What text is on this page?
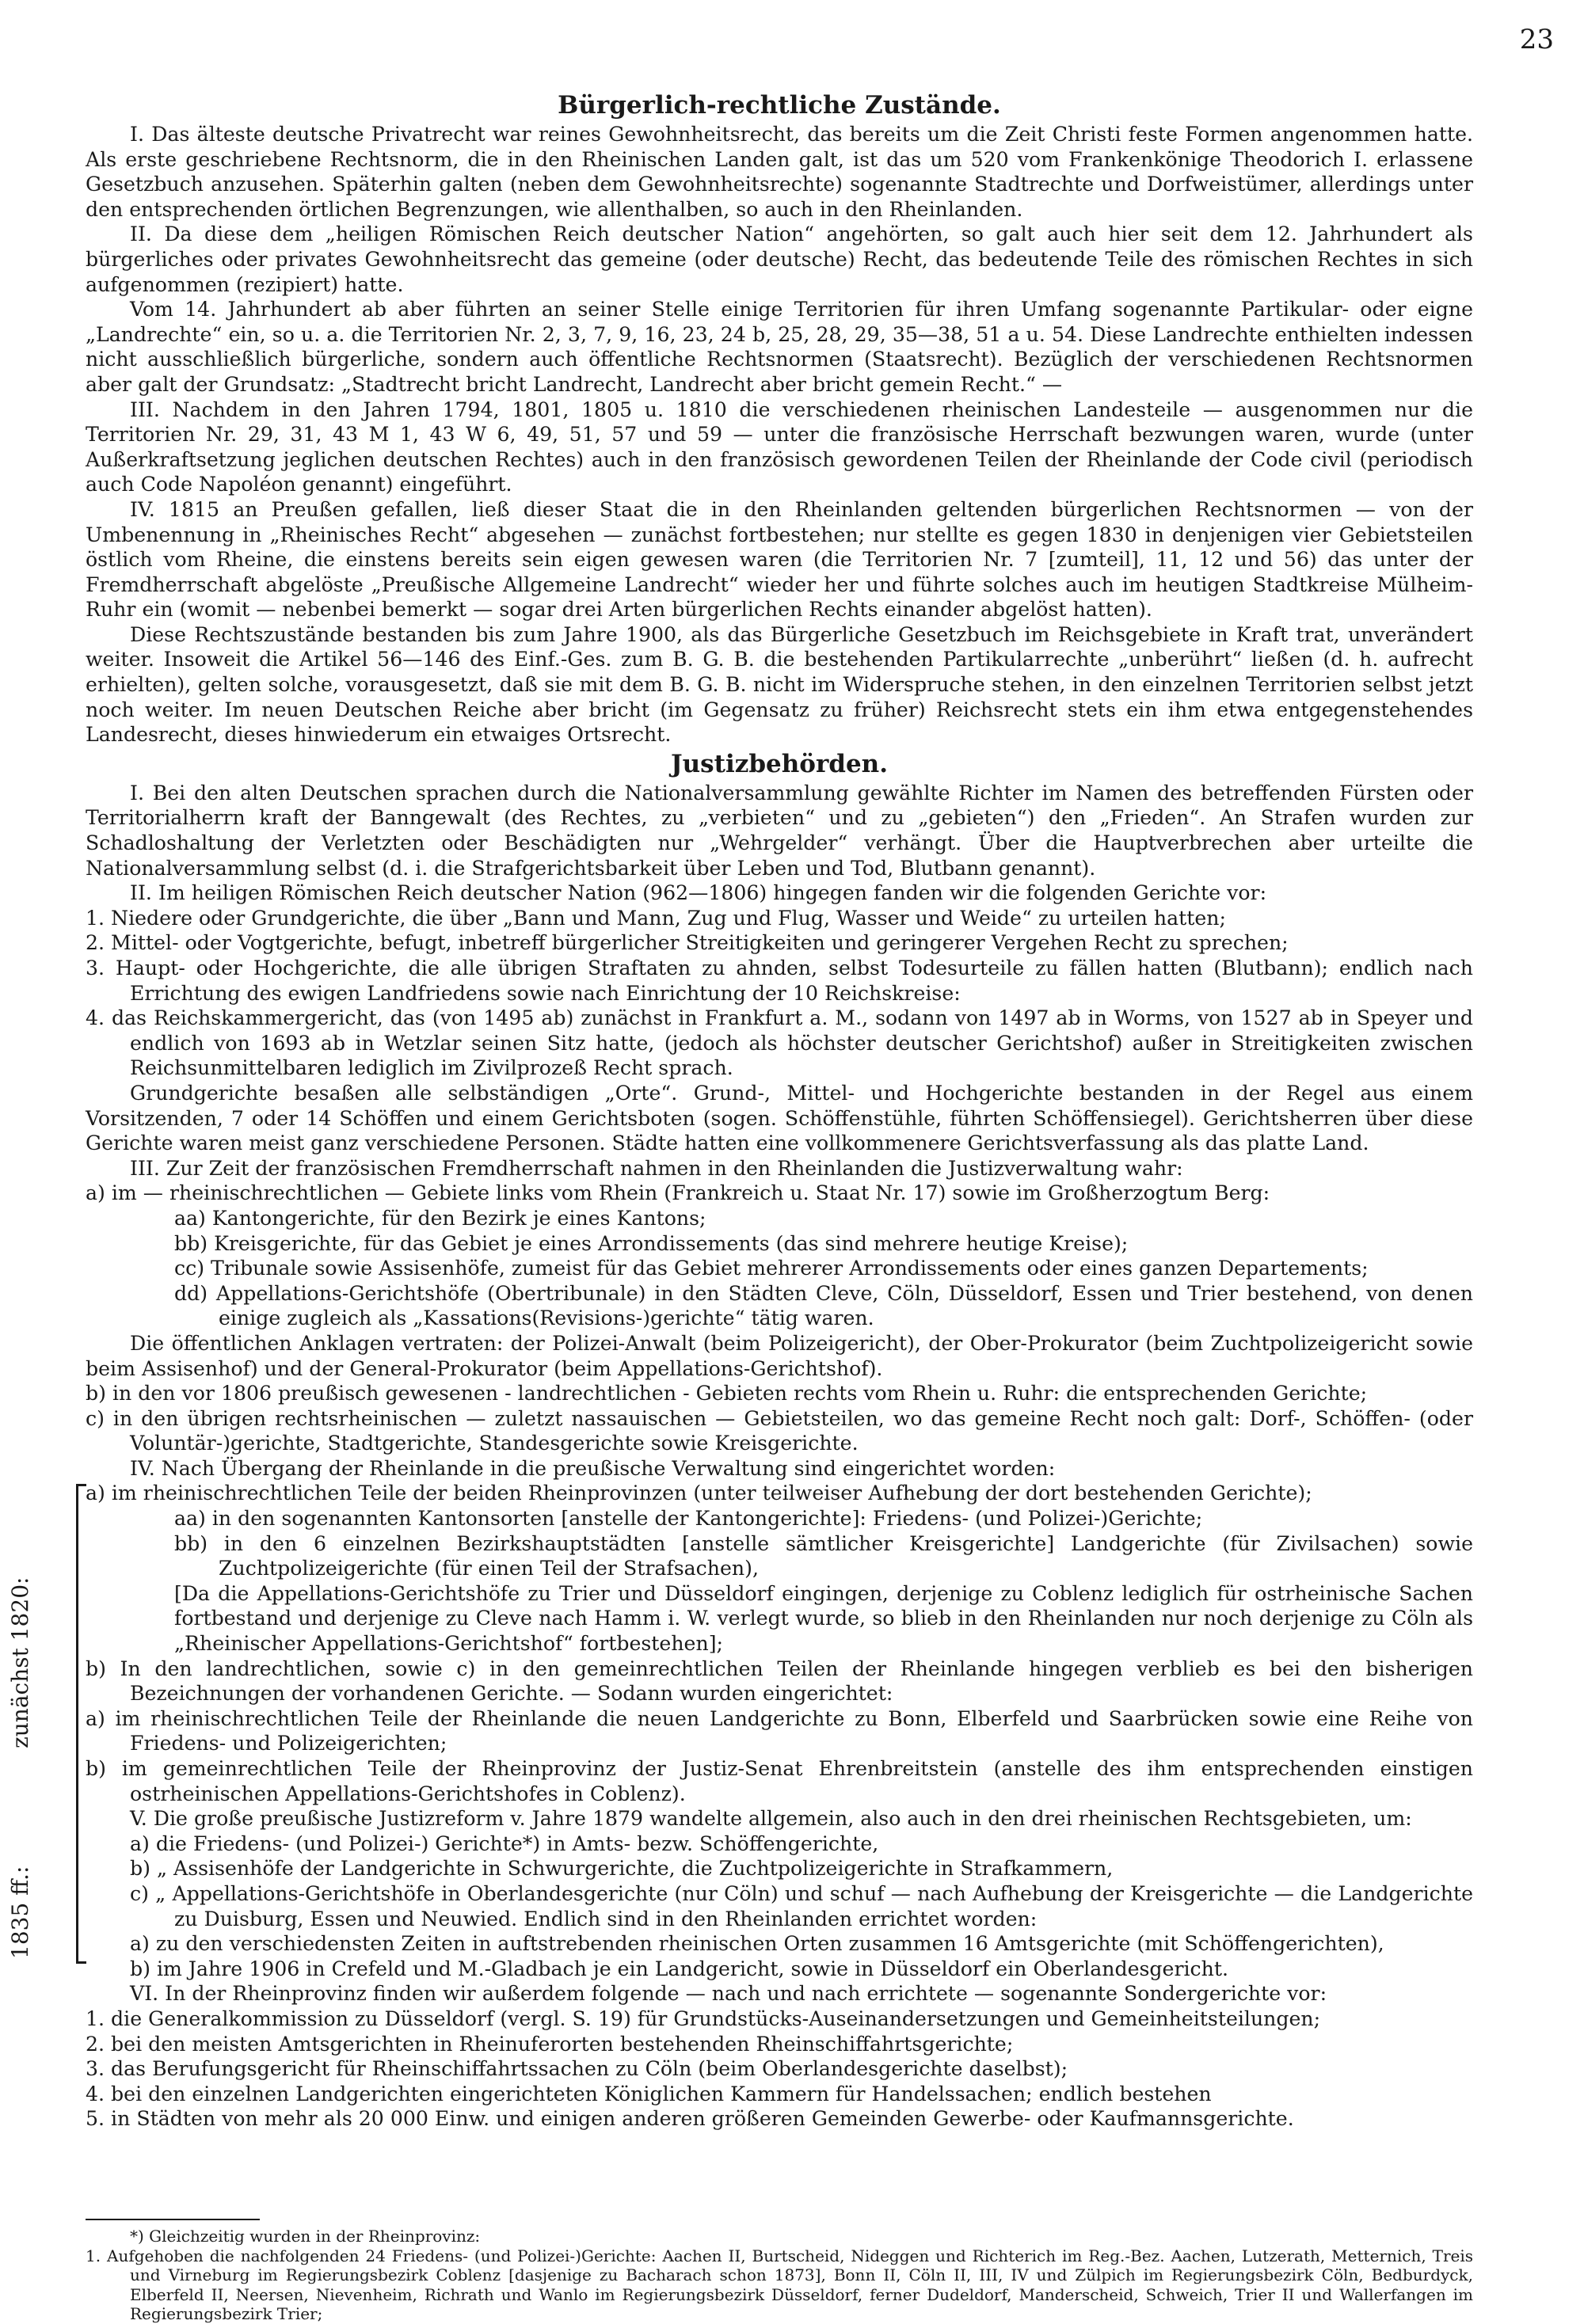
23
Bürgerlich-rechtliche Zustände.

I. Das älteste deutsche Privatrecht war reines Gewohnheitsrecht, das bereits um die Zeit Christi feste Formen angenommen hatte. Als erste geschriebene Rechtsnorm, die in den Rheinischen Landen galt, ist das um 520 vom Frankenkönige Theodorich I. erlassene Gesetzbuch anzusehen. Späterhin galten (neben dem Gewohnheitsrechte) sogenannte Stadtrechte und Dorfweistümer, allerdings unter den entsprechenden örtlichen Begrenzungen, wie allenthalben, so auch in den Rheinlanden.

II. Da diese dem „heiligen Römischen Reich deutscher Nation“ angehörten, so galt auch hier seit dem 12. Jahrhundert als bürgerliches oder privates Gewohnheitsrecht das gemeine (oder deutsche) Recht, das bedeutende Teile des römischen Rechtes in sich aufgenommen (rezipiert) hatte.

Vom 14. Jahrhundert ab aber führten an seiner Stelle einige Territorien für ihren Umfang sogenannte Partikular- oder eigne „Landrechte“ ein, so u. a. die Territorien Nr. 2, 3, 7, 9, 16, 23, 24 b, 25, 28, 29, 35—38, 51 a u. 54. Diese Landrechte enthielten indessen nicht ausschließlich bürgerliche, sondern auch öffentliche Rechtsnormen (Staatsrecht). Bezüglich der verschiedenen Rechtsnormen aber galt der Grundsatz: „Stadtrecht bricht Landrecht, Landrecht aber bricht gemein Recht.“ —

III. Nachdem in den Jahren 1794, 1801, 1805 u. 1810 die verschiedenen rheinischen Landesteile — ausgenommen nur die Territorien Nr. 29, 31, 43 M 1, 43 W 6, 49, 51, 57 und 59 — unter die französische Herrschaft bezwungen waren, wurde (unter Außerkraftsetzung jeglichen deutschen Rechtes) auch in den französisch gewordenen Teilen der Rheinlande der Code civil (periodisch auch Code Napoléon genannt) eingeführt.

IV. 1815 an Preußen gefallen, ließ dieser Staat die in den Rheinlanden geltenden bürgerlichen Rechtsnormen — von der Umbenennung in „Rheinisches Recht“ abgesehen — zunächst fortbestehen; nur stellte es gegen 1830 in denjenigen vier Gebietsteilen östlich vom Rheine, die einstens bereits sein eigen gewesen waren (die Territorien Nr. 7 [zumteil], 11, 12 und 56) das unter der Fremdherrschaft abgelöste „Preußische Allgemeine Landrecht“ wieder her und führte solches auch im heutigen Stadtkreise Mülheim-Ruhr ein (womit — nebenbei bemerkt — sogar drei Arten bürgerlichen Rechts einander abgelöst hatten).

Diese Rechtszustände bestanden bis zum Jahre 1900, als das Bürgerliche Gesetzbuch im Reichsgebiete in Kraft trat, unverändert weiter. Insoweit die Artikel 56—146 des Einf.-Ges. zum B. G. B. die bestehenden Partikularrechte „unberührt“ ließen (d. h. aufrecht erhielten), gelten solche, vorausgesetzt, daß sie mit dem B. G. B. nicht im Widerspruche stehen, in den einzelnen Territorien selbst jetzt noch weiter. Im neuen Deutschen Reiche aber bricht (im Gegensatz zu früher) Reichsrecht stets ein ihm etwa entgegenstehendes Landesrecht, dieses hinwiederum ein etwaiges Ortsrecht.

Justizbehörden.

I. Bei den alten Deutschen sprachen durch die Nationalversammlung gewählte Richter im Namen des betreffenden Fürsten oder Territorialherrn kraft der Banngewalt (des Rechtes, zu „verbieten“ und zu „gebieten“) den „Frieden“. An Strafen wurden zur Schadloshaltung der Verletzten oder Beschädigten nur „Wehrgelder“ verhängt. Über die Hauptverbrechen aber urteilte die Nationalversammlung selbst (d. i. die Strafgerichtsbarkeit über Leben und Tod, Blutbann genannt).

II. Im heiligen Römischen Reich deutscher Nation (962—1806) hingegen fanden wir die folgenden Gerichte vor:

1. Niedere oder Grundgerichte, die über „Bann und Mann, Zug und Flug, Wasser und Weide“ zu urteilen hatten;

2. Mittel- oder Vogtgerichte, befugt, inbetreff bürgerlicher Streitigkeiten und geringerer Vergehen Recht zu sprechen;

3. Haupt- oder Hochgerichte, die alle übrigen Straftaten zu ahnden, selbst Todesurteile zu fällen hatten (Blutbann); endlich nach Errichtung des ewigen Landfriedens sowie nach Einrichtung der 10 Reichskreise:

4. das Reichskammergericht, das (von 1495 ab) zunächst in Frankfurt a. M., sodann von 1497 ab in Worms, von 1527 ab in Speyer und endlich von 1693 ab in Wetzlar seinen Sitz hatte, (jedoch als höchster deutscher Gerichtshof) außer in Streitigkeiten zwischen Reichsunmittelbaren lediglich im Zivilprozeß Recht sprach.

Grundgerichte besaßen alle selbständigen „Orte“. Grund-, Mittel- und Hochgerichte bestanden in der Regel aus einem Vorsitzenden, 7 oder 14 Schöffen und einem Gerichtsboten (sogen. Schöffenstühle, führten Schöffensiegel). Gerichtsherren über diese Gerichte waren meist ganz verschiedene Personen. Städte hatten eine vollkommenere Gerichtsverfassung als das platte Land.

III. Zur Zeit der französischen Fremdherrschaft nahmen in den Rheinlanden die Justizverwaltung wahr:

a) im — rheinischrechtlichen — Gebiete links vom Rhein (Frankreich u. Staat Nr. 17) sowie im Großherzogtum Berg:

aa) Kantongerichte, für den Bezirk je eines Kantons;

bb) Kreisgerichte, für das Gebiet je eines Arrondissements (das sind mehrere heutige Kreise);

cc) Tribunale sowie Assisenhöfe, zumeist für das Gebiet mehrerer Arrondissements oder eines ganzen Departements;

dd) Appellations-Gerichtshöfe (Obertribunale) in den Städten Cleve, Cöln, Düsseldorf, Essen und Trier bestehend, von denen einige zugleich als „Kassations(Revisions-)gerichte“ tätig waren.

Die öffentlichen Anklagen vertraten: der Polizei-Anwalt (beim Polizeigericht), der Ober-Prokurator (beim Zuchtpolizeigericht sowie beim Assisenhof) und der General-Prokurator (beim Appellations-Gerichtshof).

b) in den vor 1806 preußisch gewesenen - landrechtlichen - Gebieten rechts vom Rhein u. Ruhr: die entsprechenden Gerichte;

c) in den übrigen rechtsrheinischen — zuletzt nassauischen — Gebietsteilen, wo das gemeine Recht noch galt: Dorf-, Schöffen- (oder Voluntär-)gerichte, Stadtgerichte, Standesgerichte sowie Kreisgerichte.

IV. Nach Übergang der Rheinlande in die preußische Verwaltung sind eingerichtet worden:

zunächst 1820:
1835 ff.:

a) im rheinischrechtlichen Teile der beiden Rheinprovinzen (unter teilweiser Aufhebung der dort bestehenden Gerichte);

aa) in den sogenannten Kantonsorten [anstelle der Kantongerichte]: Friedens- (und Polizei-)Gerichte;

bb) in den 6 einzelnen Bezirkshauptstädten [anstelle sämtlicher Kreisgerichte] Landgerichte (für Zivilsachen) sowie Zuchtpolizeigerichte (für einen Teil der Strafsachen),

[Da die Appellations-Gerichtshöfe zu Trier und Düsseldorf eingingen, derjenige zu Coblenz lediglich für ostrheinische Sachen fortbestand und derjenige zu Cleve nach Hamm i. W. verlegt wurde, so blieb in den Rheinlanden nur noch derjenige zu Cöln als „Rheinischer Appellations-Gerichtshof“ fortbestehen];

b) In den landrechtlichen, sowie c) in den gemeinrechtlichen Teilen der Rheinlande hingegen verblieb es bei den bisherigen Bezeichnungen der vorhandenen Gerichte. — Sodann wurden eingerichtet:

a) im rheinischrechtlichen Teile der Rheinlande die neuen Landgerichte zu Bonn, Elberfeld und Saarbrücken sowie eine Reihe von Friedens- und Polizeigerichten;

b) im gemeinrechtlichen Teile der Rheinprovinz der Justiz-Senat Ehrenbreitstein (anstelle des ihm entsprechenden einstigen ostrheinischen Appellations-Gerichtshofes in Coblenz).

V. Die große preußische Justizreform v. Jahre 1879 wandelte allgemein, also auch in den drei rheinischen Rechtsgebieten, um:

a) die Friedens- (und Polizei-) Gerichte*) in Amts- bezw. Schöffengerichte,

b) „ Assisenhöfe der Landgerichte in Schwurgerichte, die Zuchtpolizeigerichte in Strafkammern,

c) „ Appellations-Gerichtshöfe in Oberlandesgerichte (nur Cöln) und schuf — nach Aufhebung der Kreisgerichte — die Landgerichte zu Duisburg, Essen und Neuwied. Endlich sind in den Rheinlanden errichtet worden:

a) zu den verschiedensten Zeiten in auftstrebenden rheinischen Orten zusammen 16 Amtsgerichte (mit Schöffengerichten),

b) im Jahre 1906 in Crefeld und M.-Gladbach je ein Landgericht, sowie in Düsseldorf ein Oberlandesgericht.

VI. In der Rheinprovinz finden wir außerdem folgende — nach und nach errichtete — sogenannte Sondergerichte vor:

1. die Generalkommission zu Düsseldorf (vergl. S. 19) für Grundstücks-Auseinandersetzungen und Gemeinheitsteilungen;

2. bei den meisten Amtsgerichten in Rheinuferorten bestehenden Rheinschiffahrtsgerichte;

3. das Berufungsgericht für Rheinschiffahrtssachen zu Cöln (beim Oberlandesgerichte daselbst);

4. bei den einzelnen Landgerichten eingerichteten Königlichen Kammern für Handelssachen; endlich bestehen

5. in Städten von mehr als 20 000 Einw. und einigen anderen größeren Gemeinden Gewerbe- oder Kaufmannsgerichte.

*) Gleichzeitig wurden in der Rheinprovinz:

1. Aufgehoben die nachfolgenden 24 Friedens- (und Polizei-)Gerichte: Aachen II, Burtscheid, Nideggen und Richterich im Reg.-Bez. Aachen, Lutzerath, Metternich, Treis und Virneburg im Regierungsbezirk Coblenz [dasjenige zu Bacharach schon 1873], Bonn II, Cöln II, III, IV und Zülpich im Regierungsbezirk Cöln, Bedburdyck, Elberfeld II, Neersen, Nievenheim, Richrath und Wanlo im Regierungsbezirk Düsseldorf, ferner Dudeldorf, Manderscheid, Schweich, Trier II und Wallerfangen im Regierungsbezirk Trier;
